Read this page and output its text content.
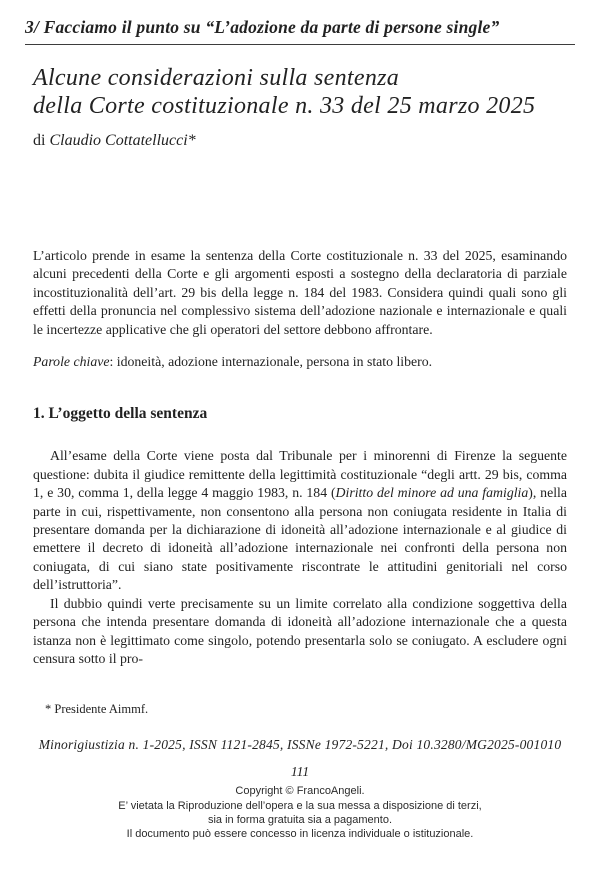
3/ Facciamo il punto su “L’adozione da parte di persone single”
Alcune considerazioni sulla sentenza
della Corte costituzionale n. 33 del 25 marzo 2025
di Claudio Cottatellucci*

L’articolo prende in esame la sentenza della Corte costituzionale n. 33 del 2025, esaminando alcuni precedenti della Corte e gli argomenti esposti a sostegno della declaratoria di parziale incostituzionalità dell’art. 29 bis della legge n. 184 del 1983. Considera quindi quali sono gli effetti della pronuncia nel complessivo sistema dell’adozione nazionale e internazionale e quali le incertezze applicative che gli operatori del settore debbono affrontare.

Parole chiave: idoneità, adozione internazionale, persona in stato libero.

1. L’oggetto della sentenza

All’esame della Corte viene posta dal Tribunale per i minorenni di Firenze la seguente questione: dubita il giudice remittente della legittimità costituzionale “degli artt. 29 bis, comma 1, e 30, comma 1, della legge 4 maggio 1983, n. 184 (Diritto del minore ad una famiglia), nella parte in cui, rispettivamente, non consentono alla persona non coniugata residente in Italia di presentare domanda per la dichiarazione di idoneità all’adozione internazionale e al giudice di emettere il decreto di idoneità all’adozione internazionale nei confronti della persona non coniugata, di cui siano state positivamente riscontrate le attitudini genitoriali nel corso dell’istruttoria”.

Il dubbio quindi verte precisamente su un limite correlato alla condizione soggettiva della persona che intenda presentare domanda di idoneità all’adozione internazionale che a questa istanza non è legittimato come singolo, potendo presentarla solo se coniugato. A escludere ogni censura sotto il pro-

* Presidente Aimmf.
Minorigiustizia n. 1-2025, ISSN 1121-2845, ISSNe 1972-5221, Doi 10.3280/MG2025-001010
111
Copyright © FrancoAngeli.
E’ vietata la Riproduzione dell’opera e la sua messa a disposizione di terzi,
sia in forma gratuita sia a pagamento.
Il documento può essere concesso in licenza individuale o istituzionale.
